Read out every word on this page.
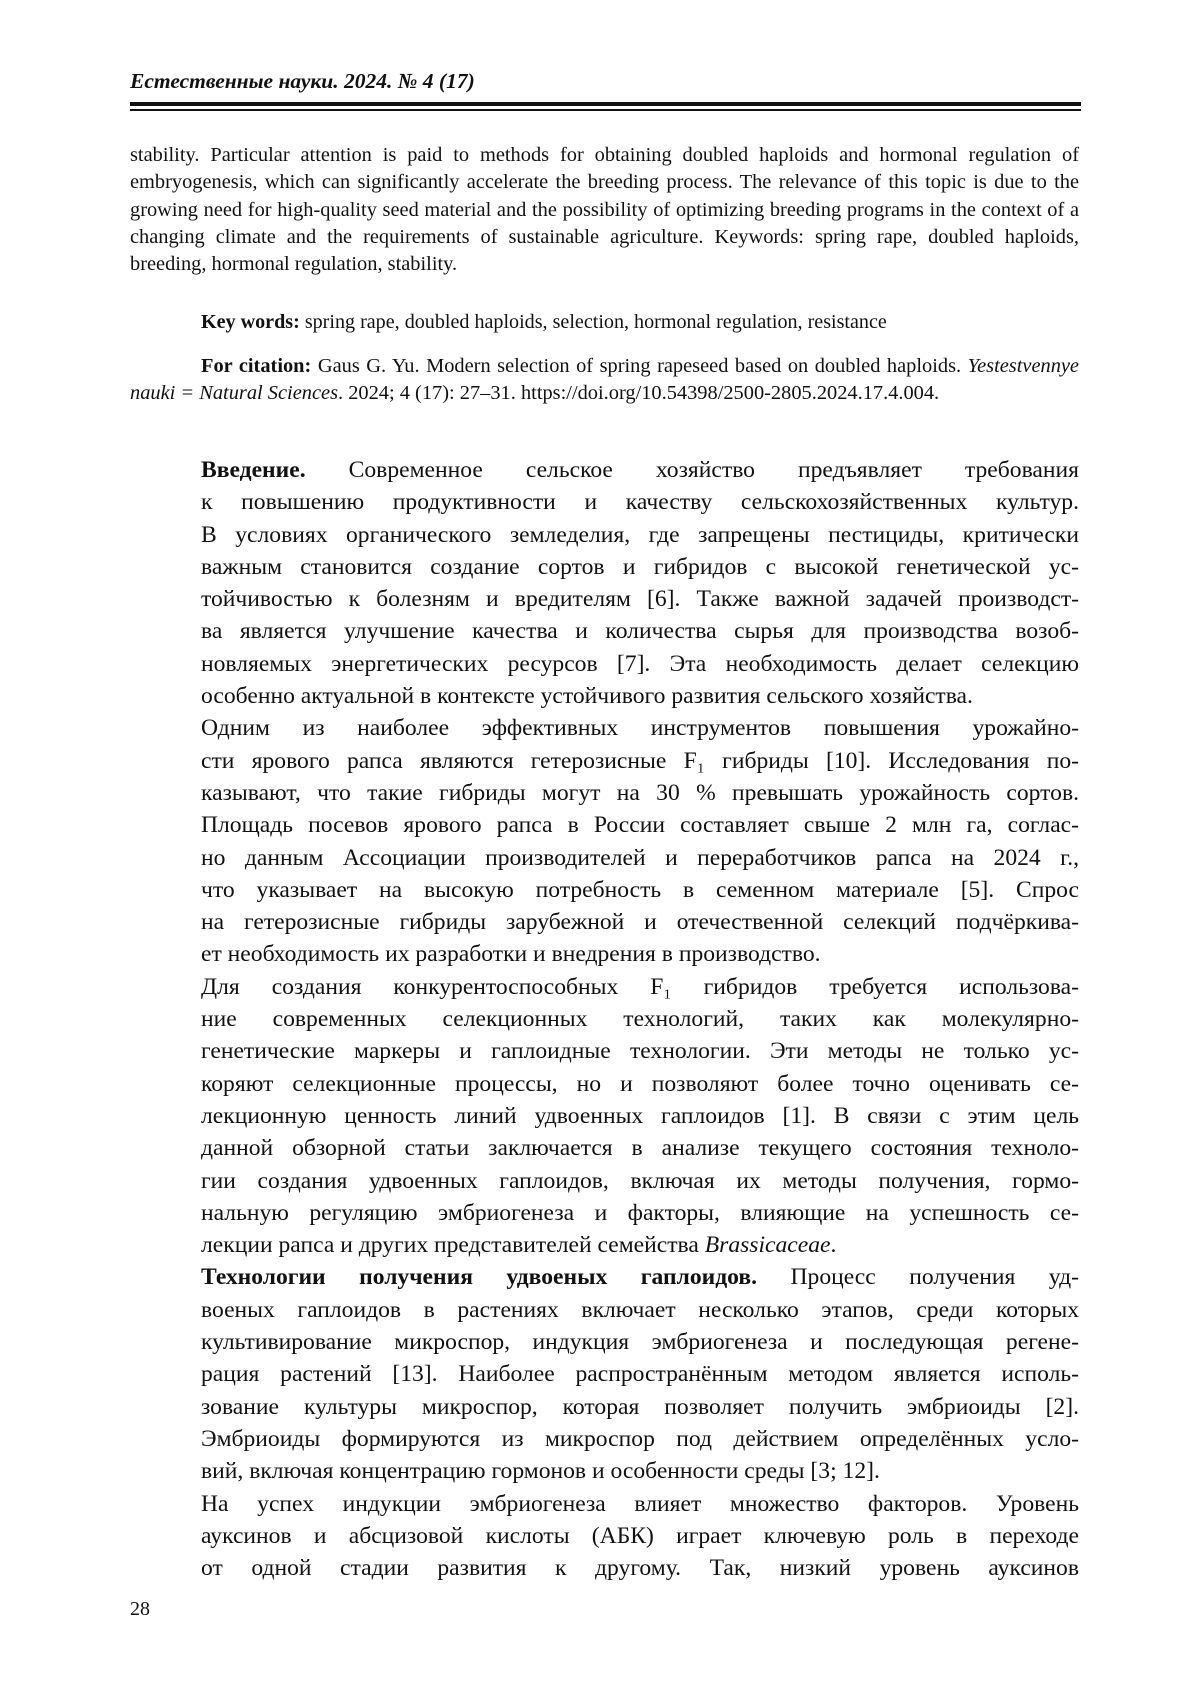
Естественные науки. 2024. № 4 (17)

stability. Particular attention is paid to methods for obtaining doubled haploids and hormonal regulation of embryogenesis, which can significantly accelerate the breeding process. The relevance of this topic is due to the growing need for high-quality seed material and the possibility of optimizing breeding programs in the context of a changing climate and the requirements of sustainable agriculture. Keywords: spring rape, doubled haploids, breeding, hormonal regulation, stability.

Key words: spring rape, doubled haploids, selection, hormonal regulation, resistance

For citation: Gaus G. Yu. Modern selection of spring rapeseed based on doubled haploids. Yestestvennye nauki = Natural Sciences. 2024; 4 (17): 27–31. https://doi.org/10.54398/2500-2805.2024.17.4.004.

Введение. Современное сельское хозяйство предъявляет требования
к повышению продуктивности и качеству сельскохозяйственных культур.
В условиях органического земледелия, где запрещены пестициды, критически
важным становится создание сортов и гибридов с высокой генетической ус-
тойчивостью к болезням и вредителям [6]. Также важной задачей производст-
ва является улучшение качества и количества сырья для производства возоб-
новляемых энергетических ресурсов [7]. Эта необходимость делает селекцию
особенно актуальной в контексте устойчивого развития сельского хозяйства.

Одним из наиболее эффективных инструментов повышения урожайно-
сти ярового рапса являются гетерозисные F₁ гибриды [10]. Исследования по-
казывают, что такие гибриды могут на 30 % превышать урожайность сортов.
Площадь посевов ярового рапса в России составляет свыше 2 млн га, соглас-
но данным Ассоциации производителей и переработчиков рапса на 2024 г.,
что указывает на высокую потребность в семенном материале [5]. Спрос
на гетерозисные гибриды зарубежной и отечественной селекций подчёркива-
ет необходимость их разработки и внедрения в производство.

Для создания конкурентоспособных F₁ гибридов требуется использова-
ние современных селекционных технологий, таких как молекулярно-
генетические маркеры и гаплоидные технологии. Эти методы не только ус-
коряют селекционные процессы, но и позволяют более точно оценивать се-
лекционную ценность линий удвоенных гаплоидов [1]. В связи с этим цель
данной обзорной статьи заключается в анализе текущего состояния техноло-
гии создания удвоенных гаплоидов, включая их методы получения, гормо-
нальную регуляцию эмбриогенеза и факторы, влияющие на успешность се-
лекции рапса и других представителей семейства Brassicaceae.

Технологии получения удвоеных гаплоидов. Процесс получения уд-
военых гаплоидов в растениях включает несколько этапов, среди которых
культивирование микроспор, индукция эмбриогенеза и последующая регене-
рация растений [13]. Наиболее распространённым методом является исполь-
зование культуры микроспор, которая позволяет получить эмбриоиды [2].
Эмбриоиды формируются из микроспор под действием определённых усло-
вий, включая концентрацию гормонов и особенности среды [3; 12].

На успех индукции эмбриогенеза влияет множество факторов. Уровень
ауксинов и абсцизовой кислоты (АБК) играет ключевую роль в переходе
от одной стадии развития к другому. Так, низкий уровень ауксинов

28
